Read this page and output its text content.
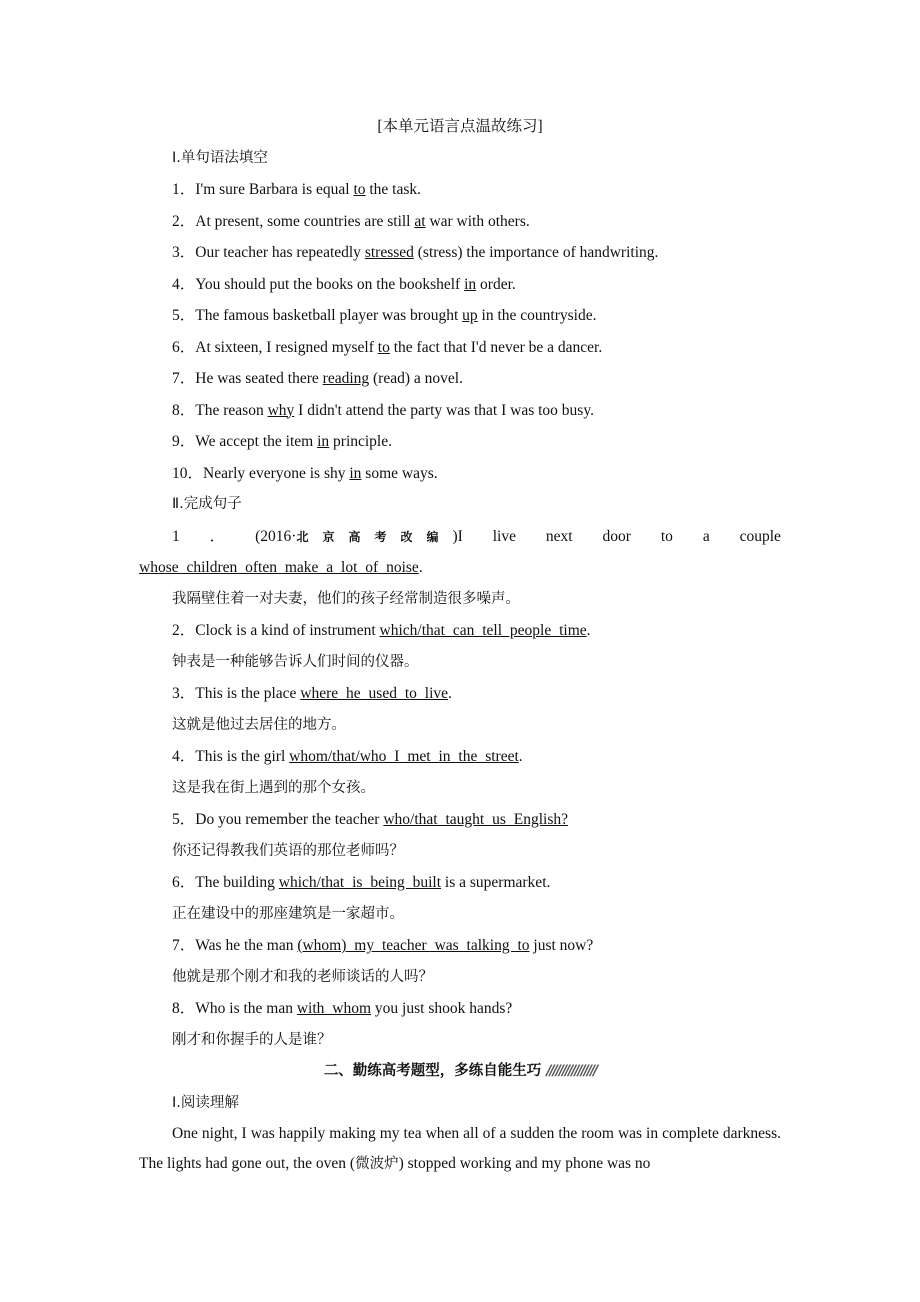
[本单元语言点温故练习]
Ⅰ.单句语法填空
1．I'm sure Barbara is equal to the task.
2．At present, some countries are still at war with others.
3．Our teacher has repeatedly stressed (stress) the importance of handwriting.
4．You should put the books on the bookshelf in order.
5．The famous basketball player was brought up in the countryside.
6．At sixteen, I resigned myself to the fact that I'd never be a dancer.
7．He was seated there reading (read) a novel.
8．The reason why I didn't attend the party was that I was too busy.
9．We accept the item in principle.
10．Nearly everyone is shy in some ways.
Ⅱ.完成句子
1 ． (2016·北京高考改编)I live next door to a couple
whose children often make a lot of noise.
我隔壁住着一对夫妻，他们的孩子经常制造很多噪声。
2．Clock is a kind of instrument which/that can tell people time.
钟表是一种能够告诉人们时间的仪器。
3．This is the place where he used to live.
这就是他过去居住的地方。
4．This is the girl whom/that/who I met in the street.
这是我在街上遇到的那个女孩。
5．Do you remember the teacher who/that taught us English?
你还记得教我们英语的那位老师吗？
6．The building which/that is being built is a supermarket.
正在建设中的那座建筑是一家超市。
7．Was he the man (whom) my teacher was talking to just now?
他就是那个刚才和我的老师谈话的人吗？
8．Who is the man with whom you just shook hands?
刚才和你握手的人是谁？
二、勤练高考题型，多练自能生巧 ////////////////
Ⅰ.阅读理解
One night, I was happily making my tea when all of a sudden the room was in complete darkness. The lights had gone out, the oven (微波炉) stopped working and my phone was no
